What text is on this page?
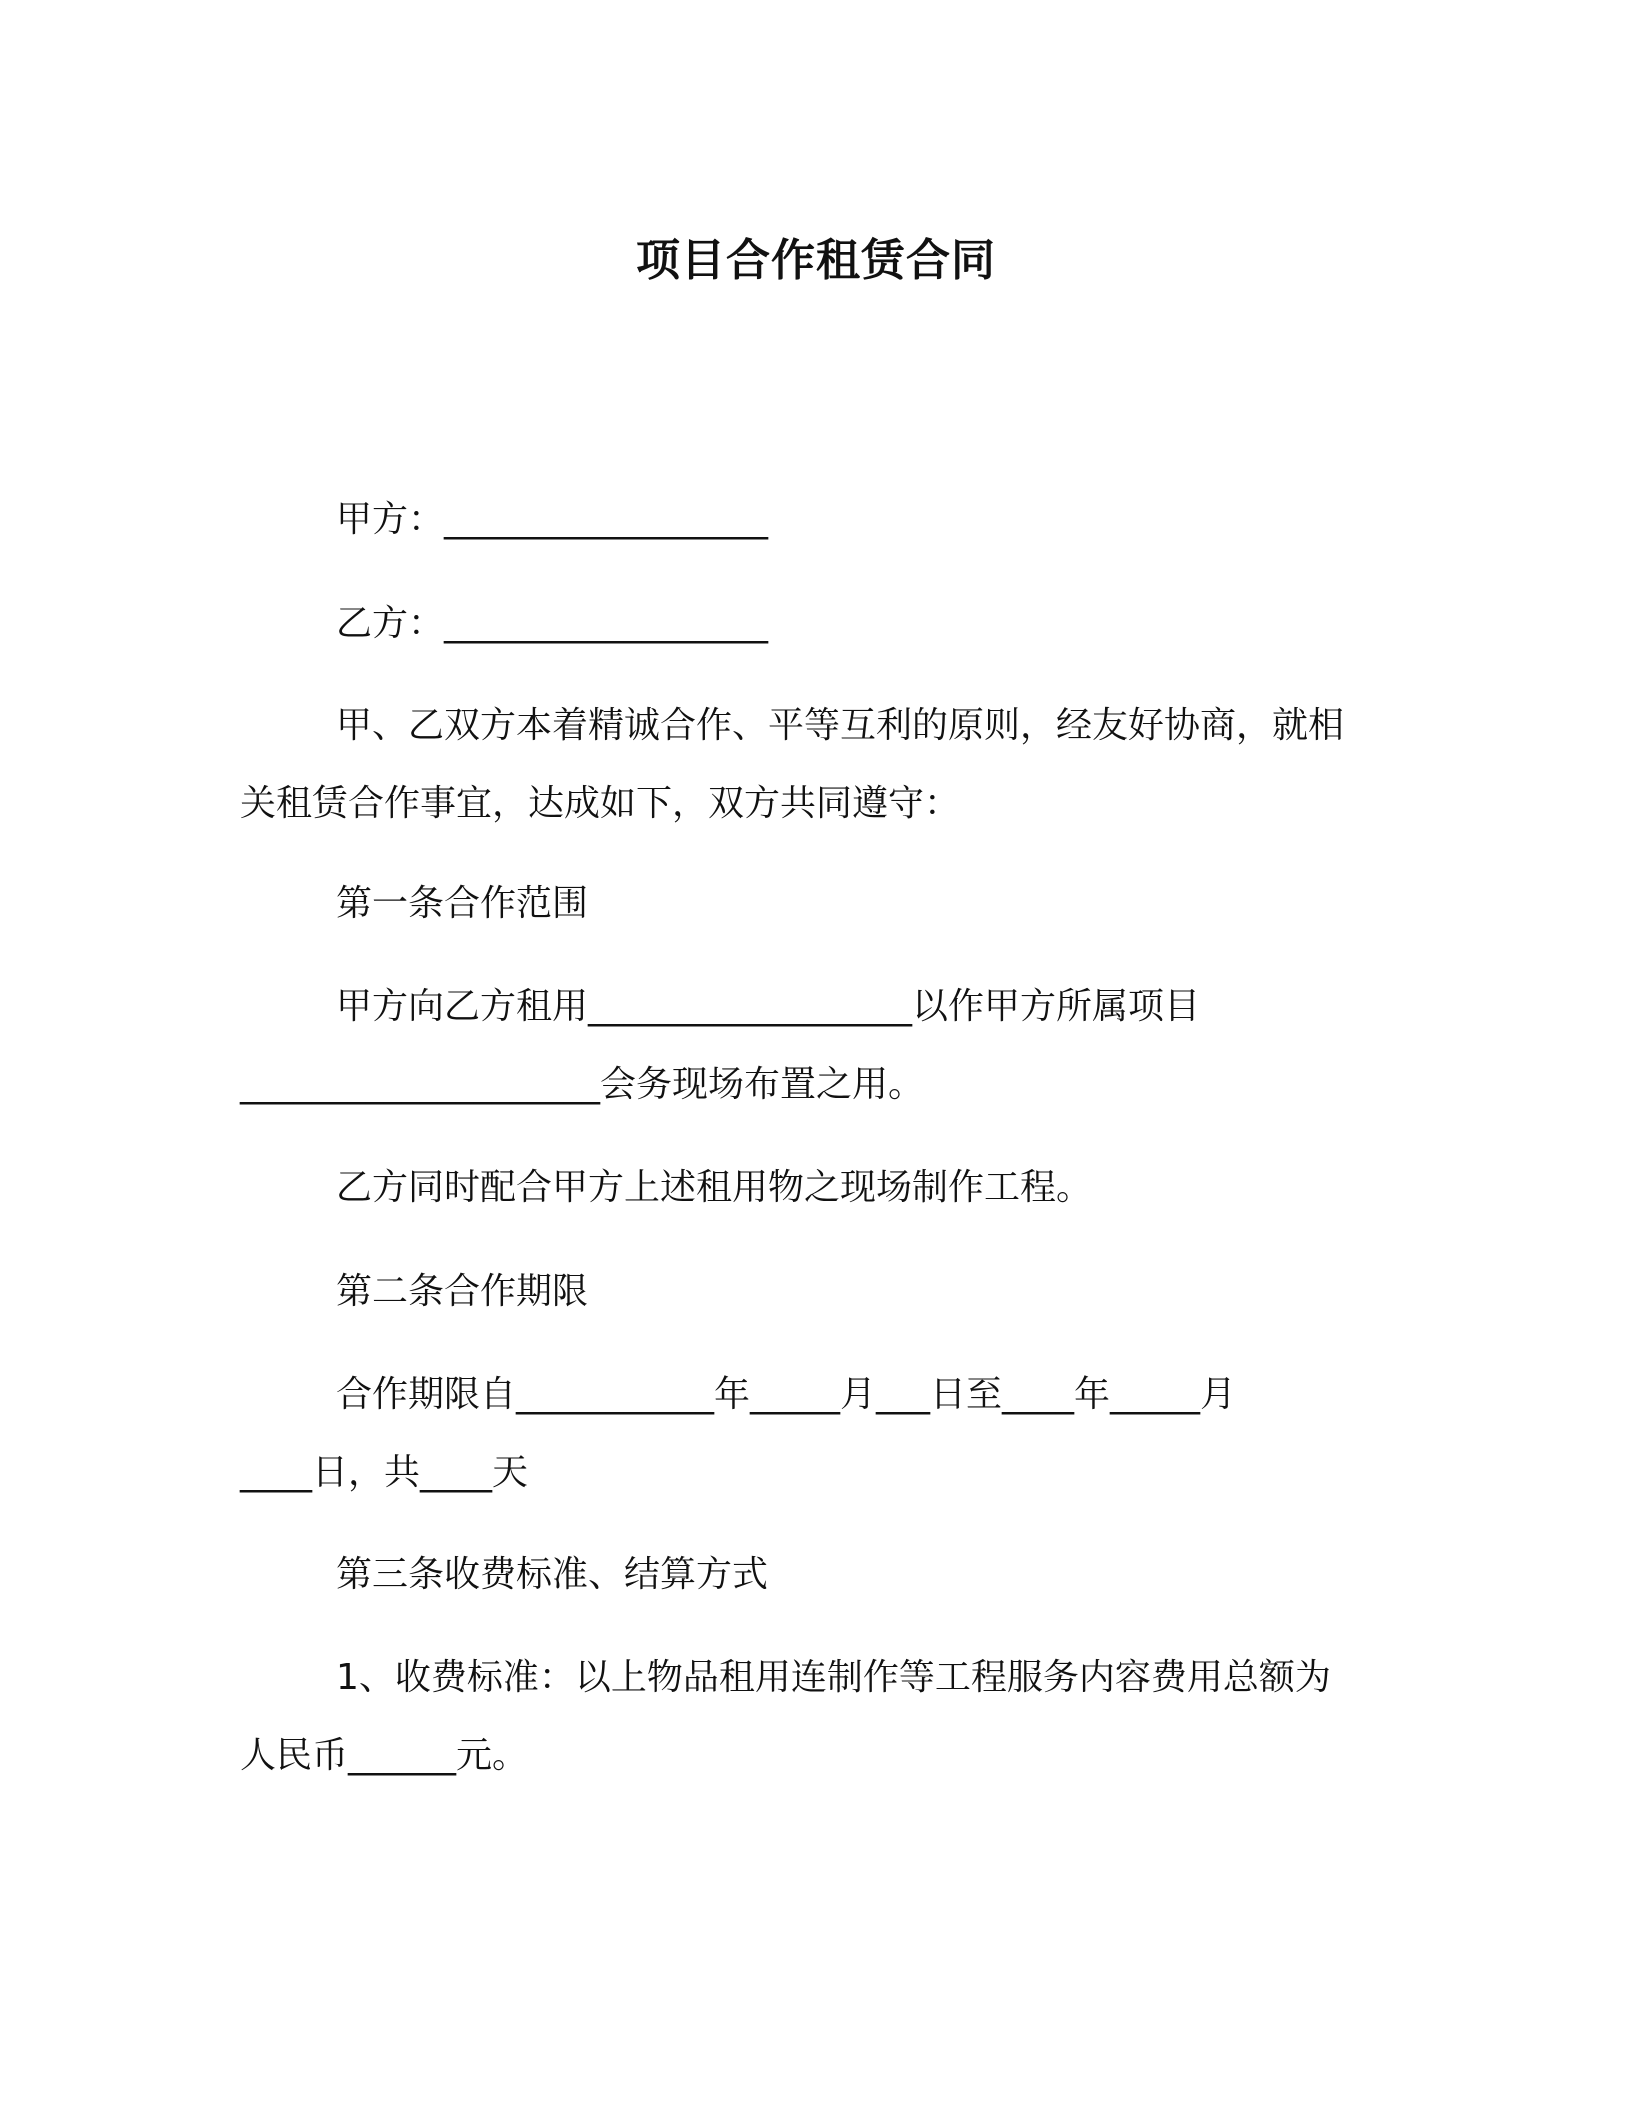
项目合作租赁合同
甲方：__________________
乙方：__________________
甲、乙双方本着精诚合作、平等互利的原则，经友好协商，就相
关租赁合作事宜，达成如下，双方共同遵守：
第一条合作范围
甲方向乙方租用__________________以作甲方所属项目
____________________会务现场布置之用。
乙方同时配合甲方上述租用物之现场制作工程。
第二条合作期限
合作期限自___________年_____月___日至____年_____月
____日，共____天
第三条收费标准、结算方式
1、收费标准：以上物品租用连制作等工程服务内容费用总额为
人民币______元。
